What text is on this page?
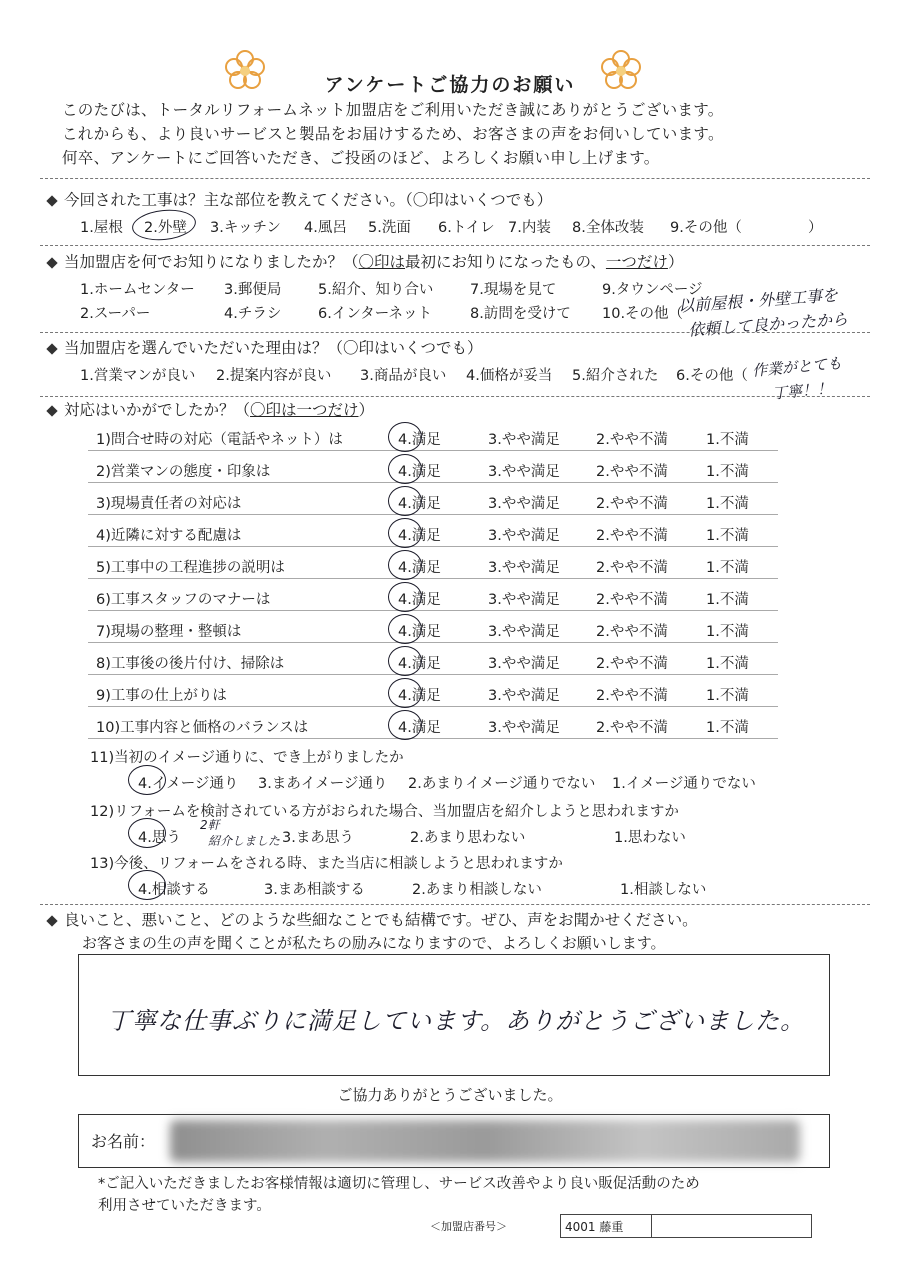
アンケートご協力のお願い
このたびは、トータルリフォームネット加盟店をご利用いただき誠にありがとうございます。
これからも、より良いサービスと製品をお届けするため、お客さまの声をお伺いしています。
何卒、アンケートにご回答いただき、ご投函のほど、よろしくお願い申し上げます。
今回された工事は？主な部位を教えてください。（〇印はいくつでも）
1.屋根 2.外壁 3.キッチン 4.風呂 5.洗面 6.トイレ 7.内装 8.全体改装 9.その他（	）
当加盟店を何でお知りになりましたか？（〇印は最初にお知りになったもの、一つだけ）
1.ホームセンター 3.郵便局	5.紹介、知り合い	7.現場を見て	9.タウンページ
2.スーパー	4.チラシ	6.インターネット	8.訪問を受けて 10.その他（
以前屋根・外壁工事を
依頼して良かったから
当加盟店を選んでいただいた理由は？（〇印はいくつでも）
1.営業マンが良い 2.提案内容が良い 3.商品が良い 4.価格が妥当 5.紹介された 6.その他（ 作業がとても
丁寧！！
対応はいかがでしたか？（〇印は一つだけ）
1)問合せ時の対応（電話やネット）は	4.満足	3.やや満足 2.やや不満	1.不満
2)営業マンの態度・印象は	4.満足	3.やや満足 2.やや不満	1.不満
3)現場責任者の対応は	4.満足	3.やや満足 2.やや不満	1.不満
4)近隣に対する配慮は	4.満足	3.やや満足 2.やや不満	1.不満
5)工事中の工程進捗の説明は	4.満足	3.やや満足 2.やや不満	1.不満
6)工事スタッフのマナーは	4.満足	3.やや満足 2.やや不満	1.不満
7)現場の整理・整頓は	4.満足	3.やや満足 2.やや不満	1.不満
8)工事後の後片付け、掃除は	4.満足	3.やや満足 2.やや不満	1.不満
9)工事の仕上がりは	4.満足	3.やや満足 2.やや不満	1.不満
10)工事内容と価格のバランスは	4.満足	3.やや満足 2.やや不満	1.不満
11)当初のイメージ通りに、でき上がりましたか
4.イメージ通り 3.まあイメージ通り 2.あまりイメージ通りでない 1.イメージ通りでない
12)リフォームを検討されている方がおられた場合、当加盟店を紹介しようと思われますか
4.思う
2軒
紹介しました 3.まあ思う	2.あまり思わない	1.思わない
13)今後、リフォームをされる時、また当店に相談しようと思われますか
4.相談する	3.まあ相談する	2.あまり相談しない	1.相談しない
良いこと、悪いこと、どのような些細なことでも結構です。ぜひ、声をお聞かせください。
お客さまの生の声を聞くことが私たちの励みになりますので、よろしくお願いします。
丁寧な仕事ぶりに満足しています。ありがとうございました。
ご協力ありがとうございました。
お名前：
*ご記入いただきましたお客様情報は適切に管理し、サービス改善やより良い販促活動のため
利用させていただきます。
＜加盟店番号＞	4001 藤重
